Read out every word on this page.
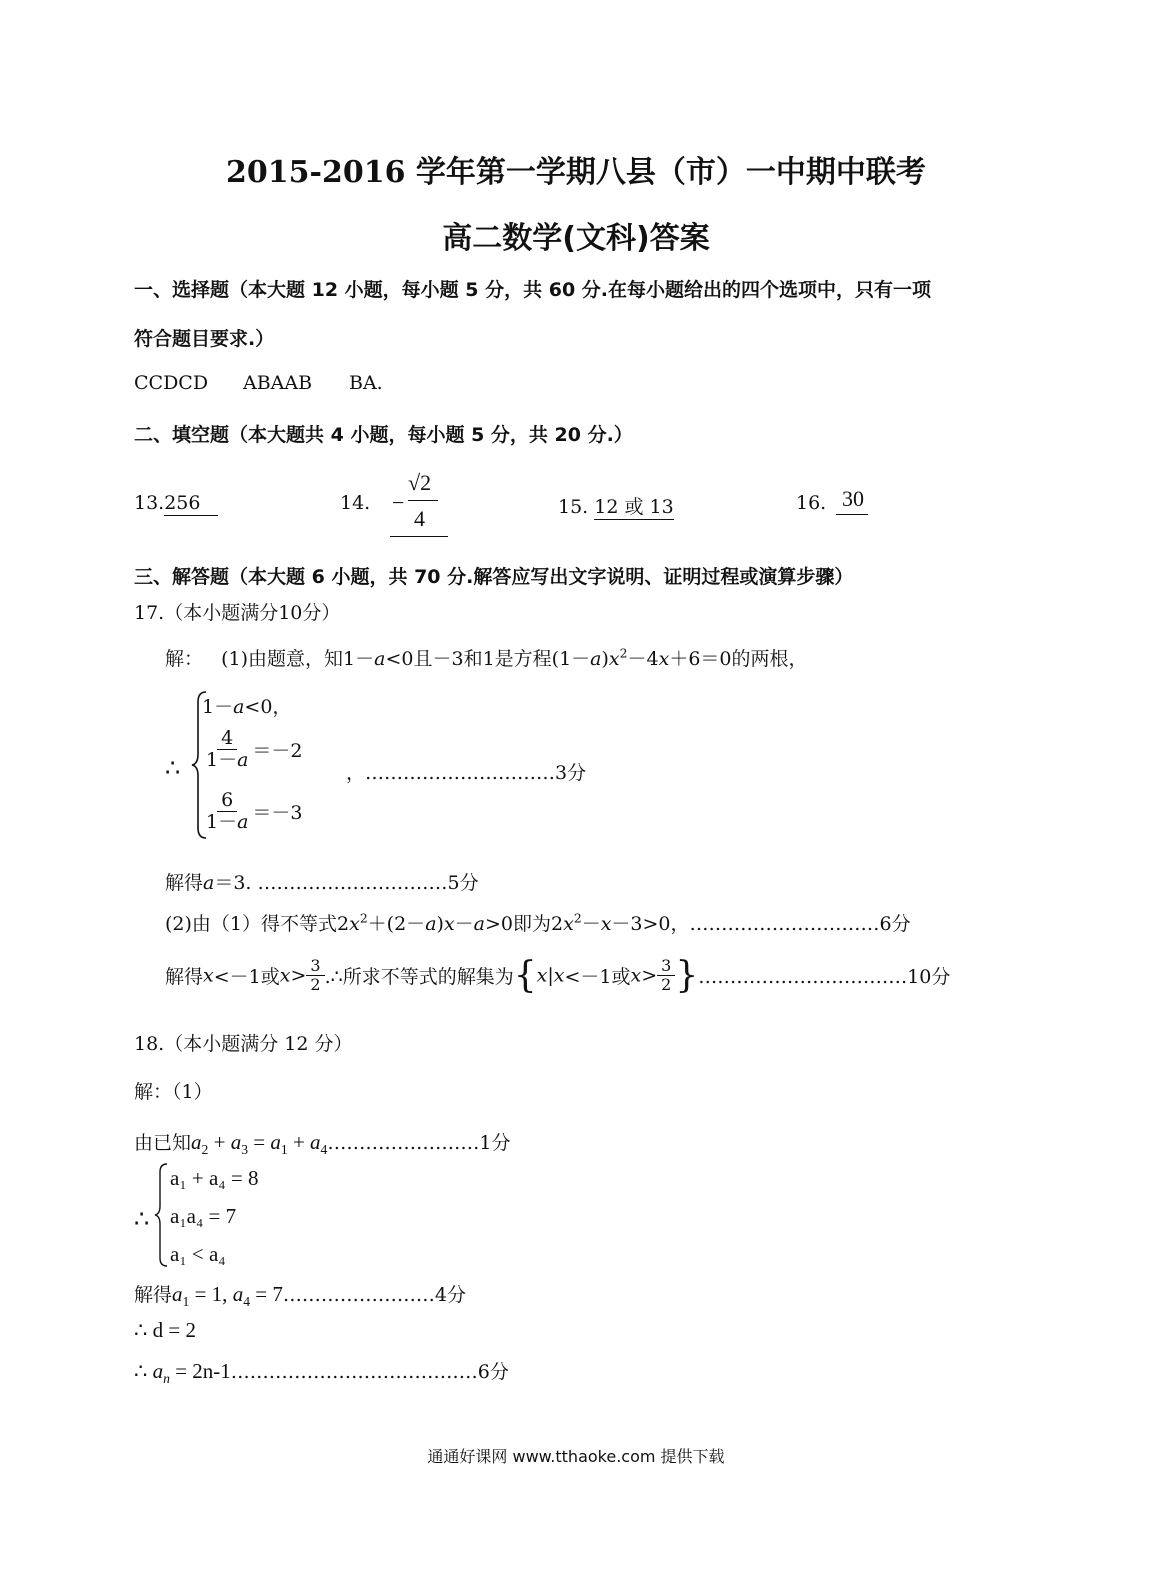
2015-2016 学年第一学期八县（市）一中期中联考
高二数学(文科)答案
一、选择题（本大题 12 小题，每小题 5 分，共 60 分.在每小题给出的四个选项中，只有一项
符合题目要求.）
CCDCD ABAAB BA.
二、填空题（本大题共 4 小题，每小题 5 分，共 20 分.）
13.256	14. −
√2
4	15. 12 或 13	16. 30
三、解答题（本大题 6 小题，共 70 分.解答应写出文字说明、证明过程或演算步骤）
17.（本小题满分10分）
解： (1)由题意，知1－a<0且－3和1是方程$(1-a)x^2-4x+6=0$的两根，
∴
1－a<0，
$\frac{4}{1-a} =-2$
$\frac{6}{1-a} =-3$
，…………………………3分
解得a＝3. …………………………5分
(2)由（1）得不等式$2x^2+(2-a)x-a>0$即为$2x^2-x-3>0$，…………………………6分
解得x<－1或$x> \frac{3}{2}$ .∴所求不等式的解集为{x|x<－1或$x> \frac{3}{2}$ }……………………………10分
18.（本小题满分 12 分）
解：（1）
由已知$a_2 + a_3 = a_1$ + $a_4\dots\dots\dots\dots\dots\dots\dots\dots 1$分
∴
a₁ + a₄ = 8
a₁a₄ = 7
a₁ < a₄
解得$a_1 = 1$, $a_4$ = 7……………………4分
∴ d = 2
∴ $a_n$ = 2n-1…………………………………6分
通通好课网 www.tthaoke.com 提供下载
